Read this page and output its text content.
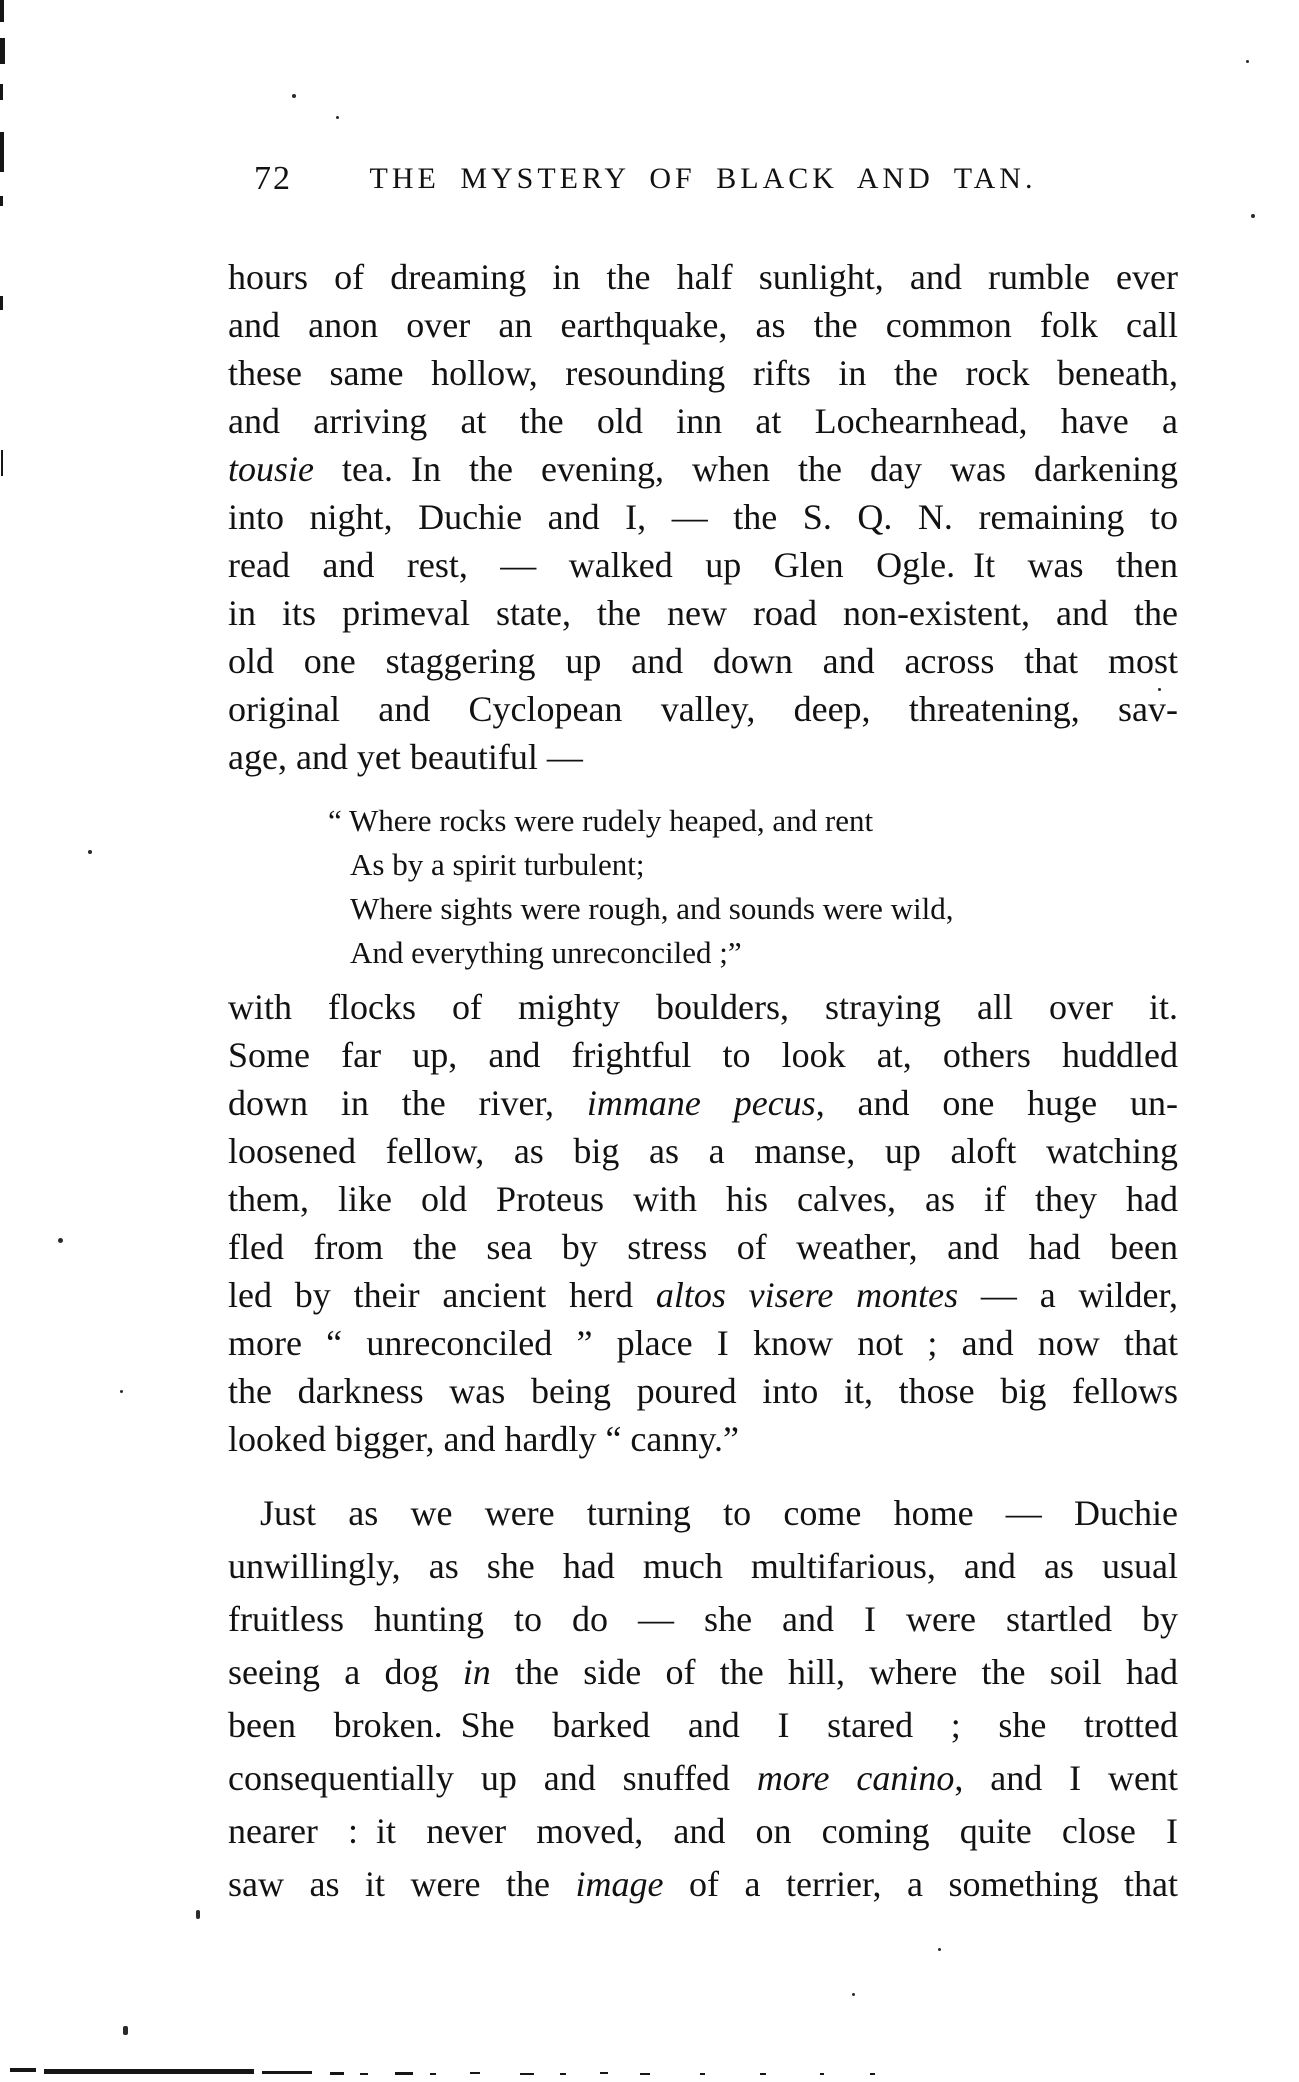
72	THE MYSTERY OF BLACK AND TAN.
hours of dreaming in the half sunlight, and rumble ever
and anon over an earthquake, as the common folk call
these same hollow, resounding rifts in the rock beneath,
and arriving at the old inn at Lochearnhead, have a
tousie tea. In the evening, when the day was darkening
into night, Duchie and I, — the S. Q. N. remaining to
read and rest, — walked up Glen Ogle. It was then
in its primeval state, the new road non-existent, and the
old one staggering up and down and across that most
original and Cyclopean valley, deep, threatening, sav-
age, and yet beautiful —
“ Where rocks were rudely heaped, and rent
As by a spirit turbulent;
Where sights were rough, and sounds were wild,
And everything unreconciled ;”
with flocks of mighty boulders, straying all over it.
Some far up, and frightful to look at, others huddled
down in the river, immane pecus, and one huge un-
loosened fellow, as big as a manse, up aloft watching
them, like old Proteus with his calves, as if they had
fled from the sea by stress of weather, and had been
led by their ancient herd altos visere montes — a wilder,
more “ unreconciled ” place I know not ; and now that
the darkness was being poured into it, those big fellows
looked bigger, and hardly “ canny.”
Just as we were turning to come home — Duchie
unwillingly, as she had much multifarious, and as usual
fruitless hunting to do — she and I were startled by
seeing a dog in the side of the hill, where the soil had
been broken. She barked and I stared ; she trotted
consequentially up and snuffed more canino, and I went
nearer : it never moved, and on coming quite close I
saw as it were the image of a terrier, a something that
